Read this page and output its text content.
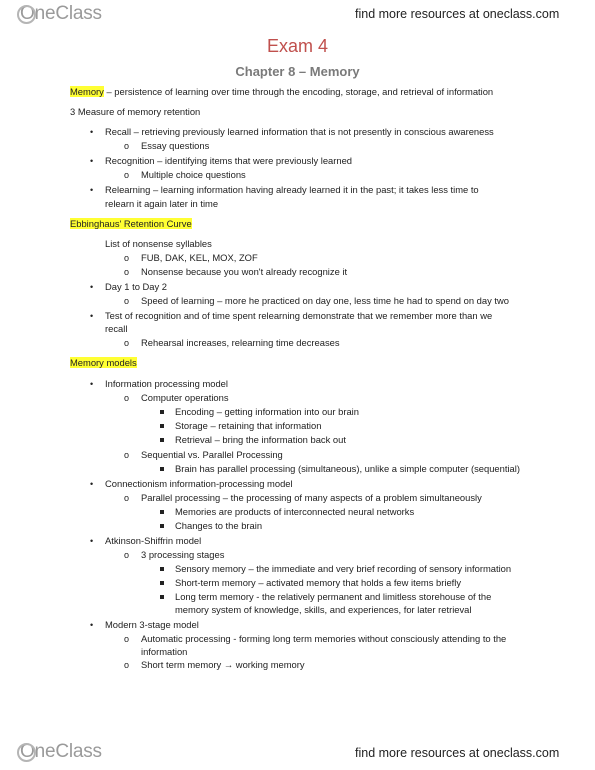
OneClass	find more resources at oneclass.com
Exam 4
Chapter 8 – Memory
Memory – persistence of learning over time through the encoding, storage, and retrieval of information
3 Measure of memory retention
• Recall – retrieving previously learned information that is not presently in conscious awareness
o Essay questions
• Recognition – identifying items that were previously learned
o Multiple choice questions
• Relearning – learning information having already learned it in the past; it takes less time to
relearn it again later in time
Ebbinghaus' Retention Curve
List of nonsense syllables
o FUB, DAK, KEL, MOX, ZOF
o Nonsense because you won't already recognize it
• Day 1 to Day 2
o Speed of learning – more he practiced on day one, less time he had to spend on day two
• Test of recognition and of time spent relearning demonstrate that we remember more than we
recall
o Rehearsal increases, relearning time decreases
Memory models
• Information processing model
o Computer operations
Encoding – getting information into our brain
Storage – retaining that information
Retrieval – bring the information back out
o Sequential vs. Parallel Processing
Brain has parallel processing (simultaneous), unlike a simple computer (sequential)
• Connectionism information-processing model
o Parallel processing – the processing of many aspects of a problem simultaneously
Memories are products of interconnected neural networks
Changes to the brain
• Atkinson-Shiffrin model
o 3 processing stages
Sensory memory – the immediate and very brief recording of sensory information
Short-term memory – activated memory that holds a few items briefly
Long term memory - the relatively permanent and limitless storehouse of the
memory system of knowledge, skills, and experiences, for later retrieval
• Modern 3-stage model
o Automatic processing - forming long term memories without consciously attending to the
information
o Short term memory → working memory
OneClass	find more resources at oneclass.com
